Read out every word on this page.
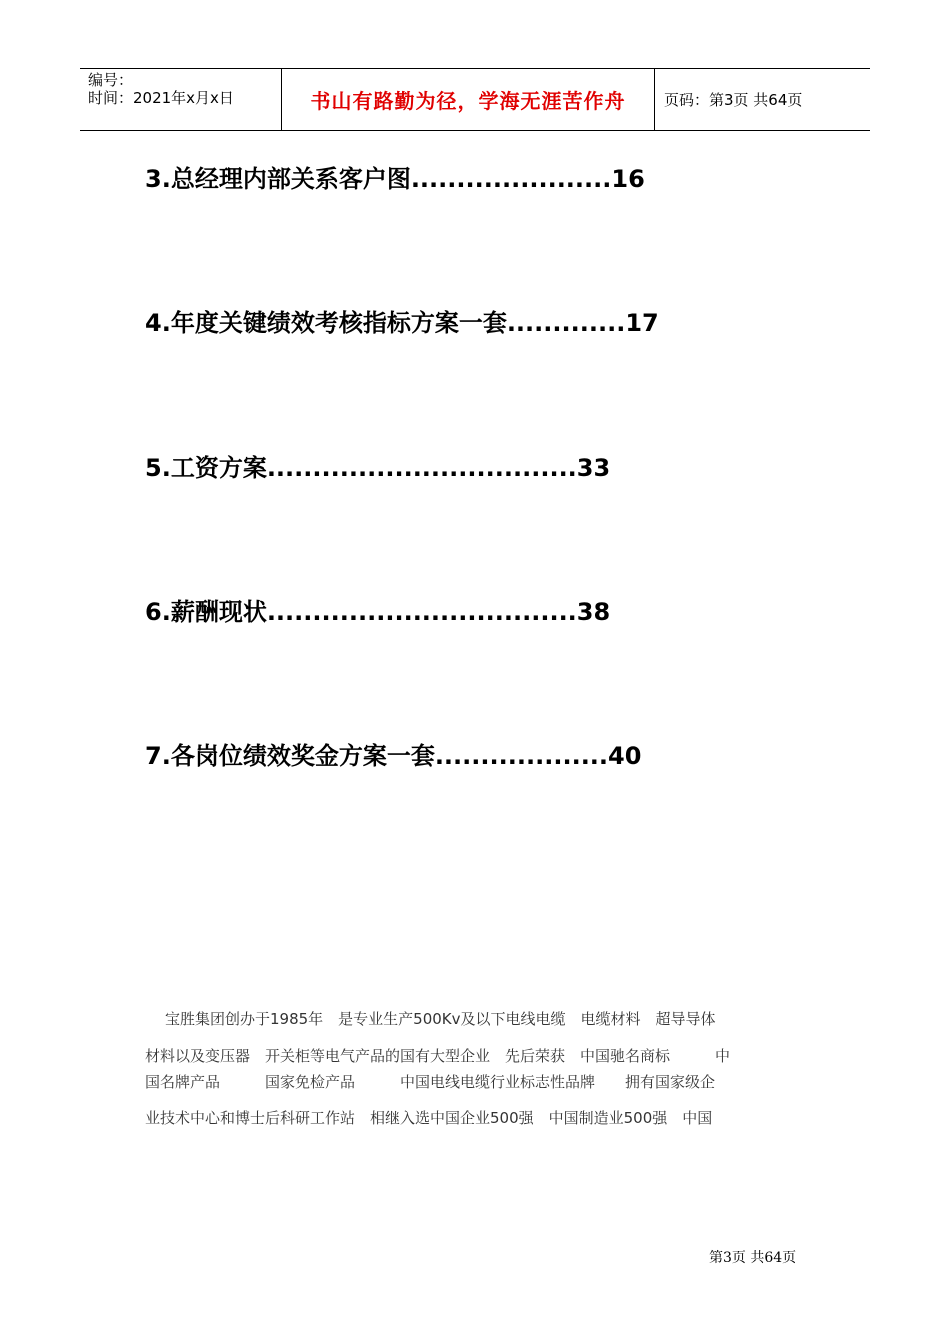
编号：
时间：2021年x月x日	书山有路勤为径，学海无涯苦作舟	页码：第3页 共64页
3.总经理内部关系客户图......................16
4.年度关键绩效考核指标方案一套.............17
5.工资方案..................................33
6.薪酬现状..................................38
7.各岗位绩效奖金方案一套...................40
宝胜集团创办于1985年　是专业生产500Kv及以下电线电缆　电缆材料　超导导体
材料以及变压器　开关柜等电气产品的国有大型企业　先后荣获　中国驰名商标　　　中
国名牌产品　　　国家免检产品　　　中国电线电缆行业标志性品牌　　拥有国家级企
业技术中心和博士后科研工作站　相继入选中国企业500强　中国制造业500强　中国
第3页 共64页
